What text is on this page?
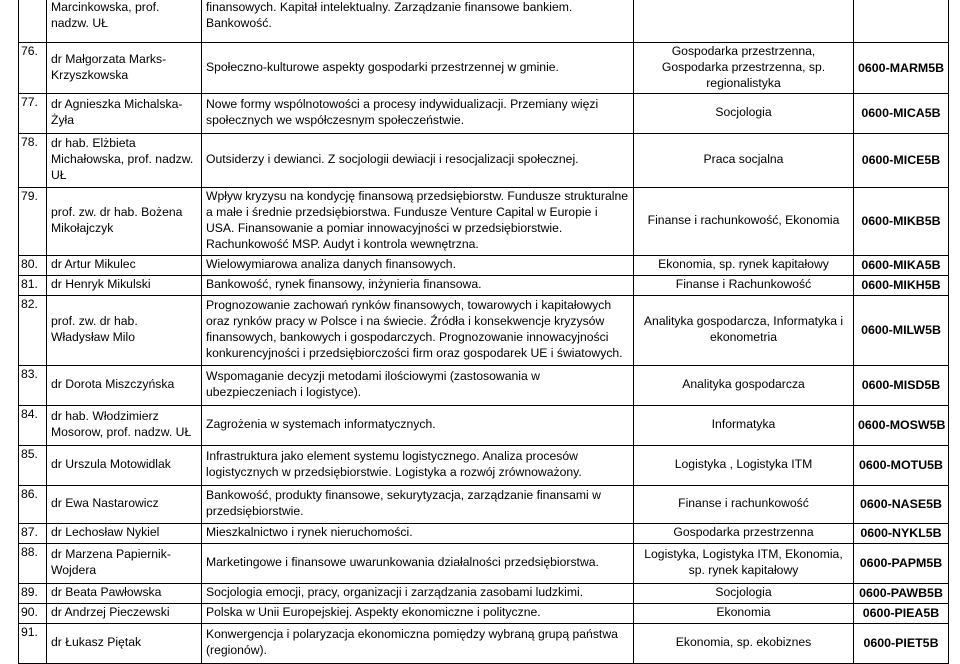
	Marcinkowska, prof. nadzw. UŁ	finansowych. Kapitał intelektualny. Zarządzanie finansowe bankiem. Bankowość.		
76.	dr Małgorzata Marks-Krzyszkowska	Społeczno-kulturowe aspekty gospodarki przestrzennej w gminie.	Gospodarka przestrzenna, Gospodarka przestrzenna, sp. regionalistyka	0600-MARM5B
77.	dr Agnieszka Michalska-Żyła	Nowe formy wspólnotowości a procesy indywidualizacji. Przemiany więzi społecznych we współczesnym społeczeństwie.	Socjologia	0600-MICA5B
78.	dr hab. Elżbieta Michałowska, prof. nadzw. UŁ	Outsiderzy i dewianci. Z socjologii dewiacji i resocjalizacji społecznej.	Praca socjalna	0600-MICE5B
79.	prof. zw. dr hab. Bożena Mikołajczyk	Wpływ kryzysu na kondycję finansową przedsiębiorstw. Fundusze strukturalne a małe i średnie przedsiębiorstwa. Fundusze Venture Capital w Europie i USA. Finansowanie a pomiar innowacyjności w przedsiębiorstwie. Rachunkowość MSP. Audyt i kontrola wewnętrzna.	Finanse i rachunkowość, Ekonomia	0600-MIKB5B
80.	dr Artur Mikulec	Wielowymiarowa analiza danych finansowych.	Ekonomia, sp. rynek kapitałowy	0600-MIKA5B
81.	dr Henryk Mikulski	Bankowość, rynek finansowy, inżynieria finansowa.	Finanse i Rachunkowość	0600-MIKH5B
82.	prof. zw. dr hab. Władysław Milo	Prognozowanie zachowań rynków finansowych, towarowych i kapitałowych oraz rynków pracy w Polsce i na świecie. Źródła i konsekwencje kryzysów finansowych, bankowych i gospodarczych. Prognozowanie innowacyjności konkurencyjności i przedsiębiorczości firm oraz gospodarek UE i światowych.	Analityka gospodarcza, Informatyka i ekonometria	0600-MILW5B
83.	dr Dorota Miszczyńska	Wspomaganie decyzji metodami ilościowymi (zastosowania w ubezpieczeniach i logistyce).	Analityka gospodarcza	0600-MISD5B
84.	dr hab. Włodzimierz Mosorow, prof. nadzw. UŁ	Zagrożenia w systemach informatycznych.	Informatyka	0600-MOSW5B
85.	dr Urszula Motowidlak	Infrastruktura jako element systemu logistycznego. Analiza procesów logistycznych w przedsiębiorstwie. Logistyka a rozwój zrównoważony.	Logistyka , Logistyka ITM	0600-MOTU5B
86.	dr Ewa Nastarowicz	Bankowość, produkty finansowe, sekurytyzacja, zarządzanie finansami w przedsiębiorstwie.	Finanse i rachunkowość	0600-NASE5B
87.	dr Lechosław Nykiel	Mieszkalnictwo i rynek nieruchomości.	Gospodarka przestrzenna	0600-NYKL5B
88.	dr Marzena Papiernik-Wojdera	Marketingowe i finansowe uwarunkowania działalności przedsiębiorstwa.	Logistyka, Logistyka ITM, Ekonomia, sp. rynek kapitałowy	0600-PAPM5B
89.	dr Beata Pawłowska	Socjologia emocji, pracy, organizacji i zarządzania zasobami ludzkimi.	Socjologia	0600-PAWB5B
90.	dr Andrzej Pieczewski	Polska w Unii Europejskiej. Aspekty ekonomiczne i polityczne.	Ekonomia	0600-PIEA5B
91.	dr Łukasz Piętak	Konwergencja i polaryzacja ekonomiczna pomiędzy wybraną grupą państwa (regionów).	Ekonomia, sp. ekobiznes	0600-PIET5B
